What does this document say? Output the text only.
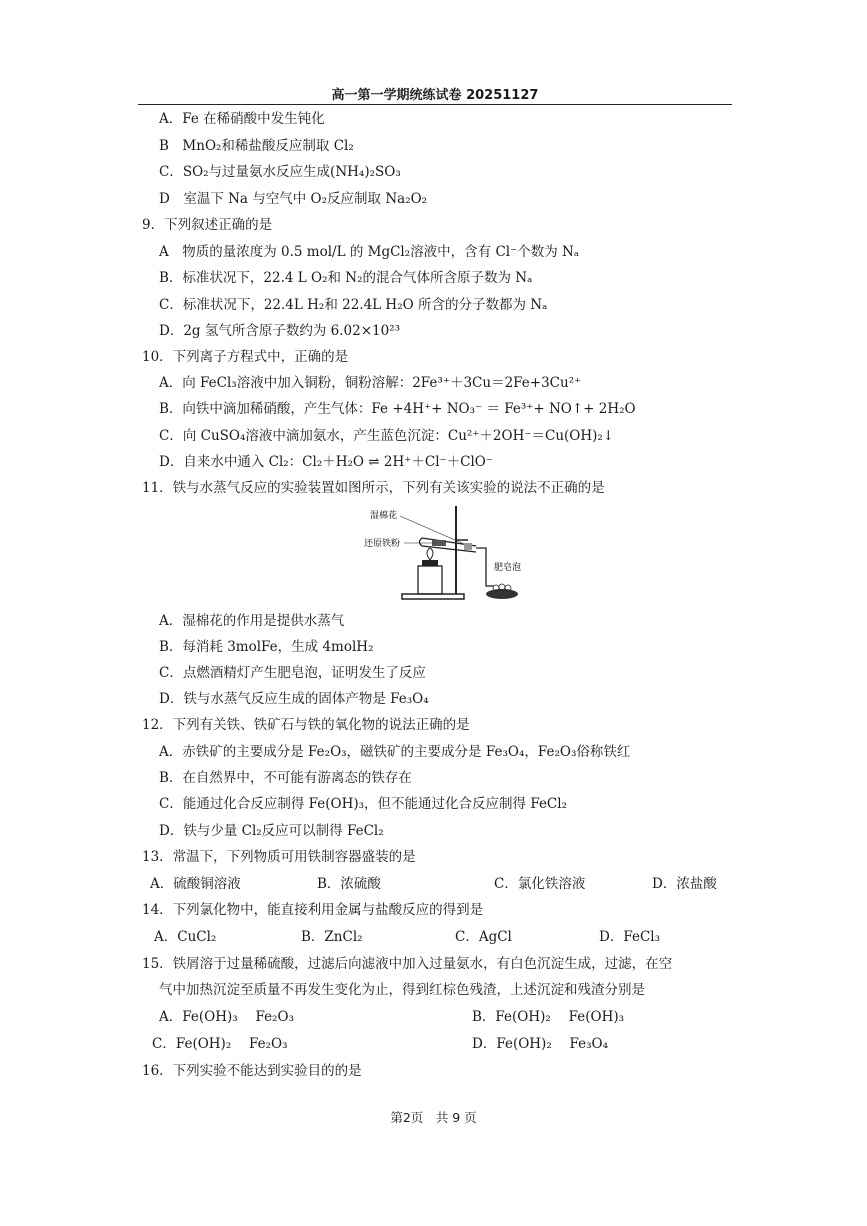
高一第一学期统练试卷 20251127
A．Fe 在稀硝酸中发生钝化
B　MnO₂和稀盐酸反应制取 Cl₂
C．SO₂与过量氨水反应生成(NH₄)₂SO₃
D　室温下 Na 与空气中 O₂反应制取 Na₂O₂
9．下列叙述正确的是
A　物质的量浓度为 0.5 mol/L 的 MgCl₂溶液中，含有 Cl⁻个数为 Nₐ
B．标准状况下，22.4 L O₂和 N₂的混合气体所含原子数为 Nₐ
C．标准状况下，22.4L H₂和 22.4L H₂O 所含的分子数都为 Nₐ
D．2g 氢气所含原子数约为 6.02×10²³
10．下列离子方程式中，正确的是
A．向 FeCl₃溶液中加入铜粉，铜粉溶解：2Fe³⁺＋3Cu＝2Fe+3Cu²⁺
B．向铁中滴加稀硝酸，产生气体：Fe +4H⁺+ NO₃⁻ ＝ Fe³⁺+ NO↑+ 2H₂O
C．向 CuSO₄溶液中滴加氨水，产生蓝色沉淀：Cu²⁺＋2OH⁻＝Cu(OH)₂↓
D．自来水中通入 Cl₂：Cl₂＋H₂O ⇌ 2H⁺＋Cl⁻＋ClO⁻
11．铁与水蒸气反应的实验装置如图所示，下列有关该实验的说法不正确的是
湿棉花
还原铁粉
肥皂泡
A．湿棉花的作用是提供水蒸气
B．每消耗 3molFe，生成 4molH₂
C．点燃酒精灯产生肥皂泡，证明发生了反应
D．铁与水蒸气反应生成的固体产物是 Fe₃O₄
12．下列有关铁、铁矿石与铁的氧化物的说法正确的是
A．赤铁矿的主要成分是 Fe₂O₃，磁铁矿的主要成分是 Fe₃O₄，Fe₂O₃俗称铁红
B．在自然界中，不可能有游离态的铁存在
C．能通过化合反应制得 Fe(OH)₃，但不能通过化合反应制得 FeCl₂
D．铁与少量 Cl₂反应可以制得 FeCl₂
13．常温下，下列物质可用铁制容器盛装的是
A．硫酸铜溶液	B．浓硫酸	C．氯化铁溶液	D．浓盐酸
14．下列氯化物中，能直接利用金属与盐酸反应的得到是
A．CuCl₂	B．ZnCl₂	C．AgCl	D．FeCl₃
15．铁屑溶于过量稀硫酸，过滤后向滤液中加入过量氨水，有白色沉淀生成，过滤，在空
气中加热沉淀至质量不再发生变化为止，得到红棕色残渣，上述沉淀和残渣分别是
A．Fe(OH)₃　 Fe₂O₃	B．Fe(OH)₂　 Fe(OH)₃
C．Fe(OH)₂　 Fe₂O₃	D．Fe(OH)₂　 Fe₃O₄
16．下列实验不能达到实验目的的是
第2页　共 9 页
